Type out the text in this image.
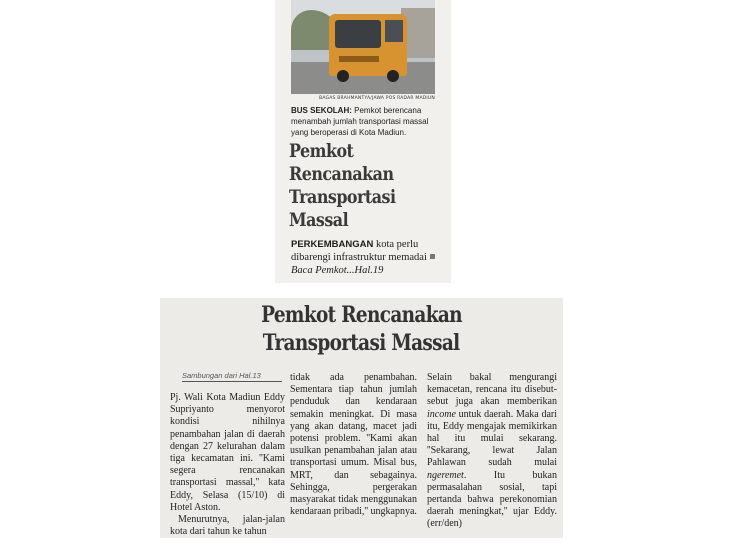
BAGAS BRAHMANTYA/JAWA POS RADAR MADIUN
BUS SEKOLAH: Pemkot berencana menambah jumlah transportasi massal yang beroperasi di Kota Madiun.
Pemkot Rencanakan Transportasi Massal
PERKEMBANGAN kota perlu dibarengi infrastruktur memadai Baca Pemkot...Hal.19
Pemkot Rencanakan
Transportasi Massal
Sambungan dari Hal.13

Pj. Wali Kota Madiun Eddy Supriyanto menyorot kondisi nihilnya penambahan jalan di daerah dengan 27 kelurahan dalam tiga kecamatan ini. ''Kami segera rencanakan transportasi massal,'' kata Eddy, Selasa (15/10) di Hotel Aston.

Menurutnya, jalan-jalan kota dari tahun ke tahun

tidak ada penambahan. Sementara tiap tahun jumlah penduduk dan kendaraan semakin meningkat. Di masa yang akan datang, macet jadi potensi problem. ''Kami akan usulkan penambahan jalan atau transportasi umum. Misal bus, MRT, dan sebagainya. Sehingga, pergerakan masyarakat tidak menggunakan kendaraan pribadi,'' ungkapnya.

Selain bakal mengurangi kemacetan, rencana itu disebut-sebut juga akan memberikan income untuk daerah. Maka dari itu, Eddy mengajak memikirkan hal itu mulai sekarang. ''Sekarang, lewat Jalan Pahlawan sudah mulai ngeremet. Itu bukan permasalahan sosial, tapi pertanda bahwa perekonomian daerah meningkat,'' ujar Eddy. (err/den)
